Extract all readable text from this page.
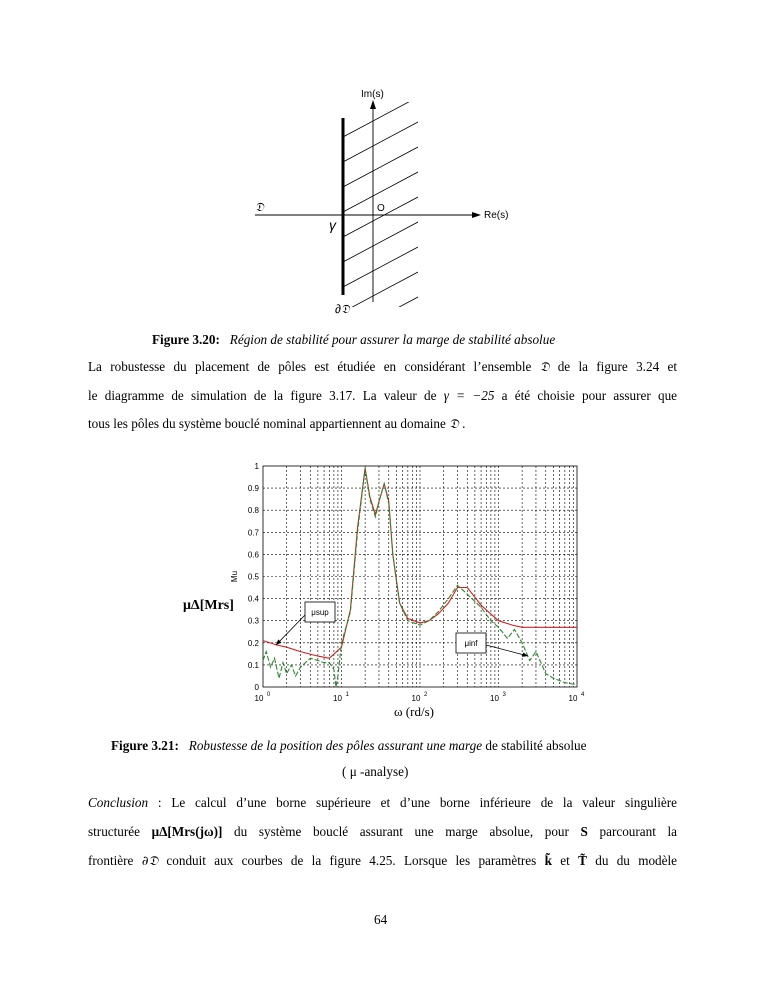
Im(s)
Re(s)
O
𝔇
γ
∂𝔇
Figure 3.20: Région de stabilité pour assurer la marge de stabilité absolue
La robustesse du placement de pôles est étudiée en considérant l’ensemble 𝔇 de la figure 3.24 et
le diagramme de simulation de la figure 3.17. La valeur de γ = −25 a été choisie pour assurer que
tous les pôles du système bouclé nominal appartiennent au domaine 𝔇 .
0
0.1
0.2
0.3
0.4
0.5
0.6
0.7
0.8
0.9
1
10 0	10 1	10 2	10 3	10 4
Mu
μsup
μinf
μΔ[Mrs]
ω (rd/s)
Figure 3.21: Robustesse de la position des pôles assurant une marge de stabilité absolue
( μ -analyse)
Conclusion : Le calcul d’une borne supérieure et d’une borne inférieure de la valeur singulière
structurée μΔ[Mrs(jω)] du système bouclé assurant une marge absolue, pour S parcourant la
frontière ∂𝔇 conduit aux courbes de la figure 4.25. Lorsque les paramètres k̃ et T̃ du du modèle
64
